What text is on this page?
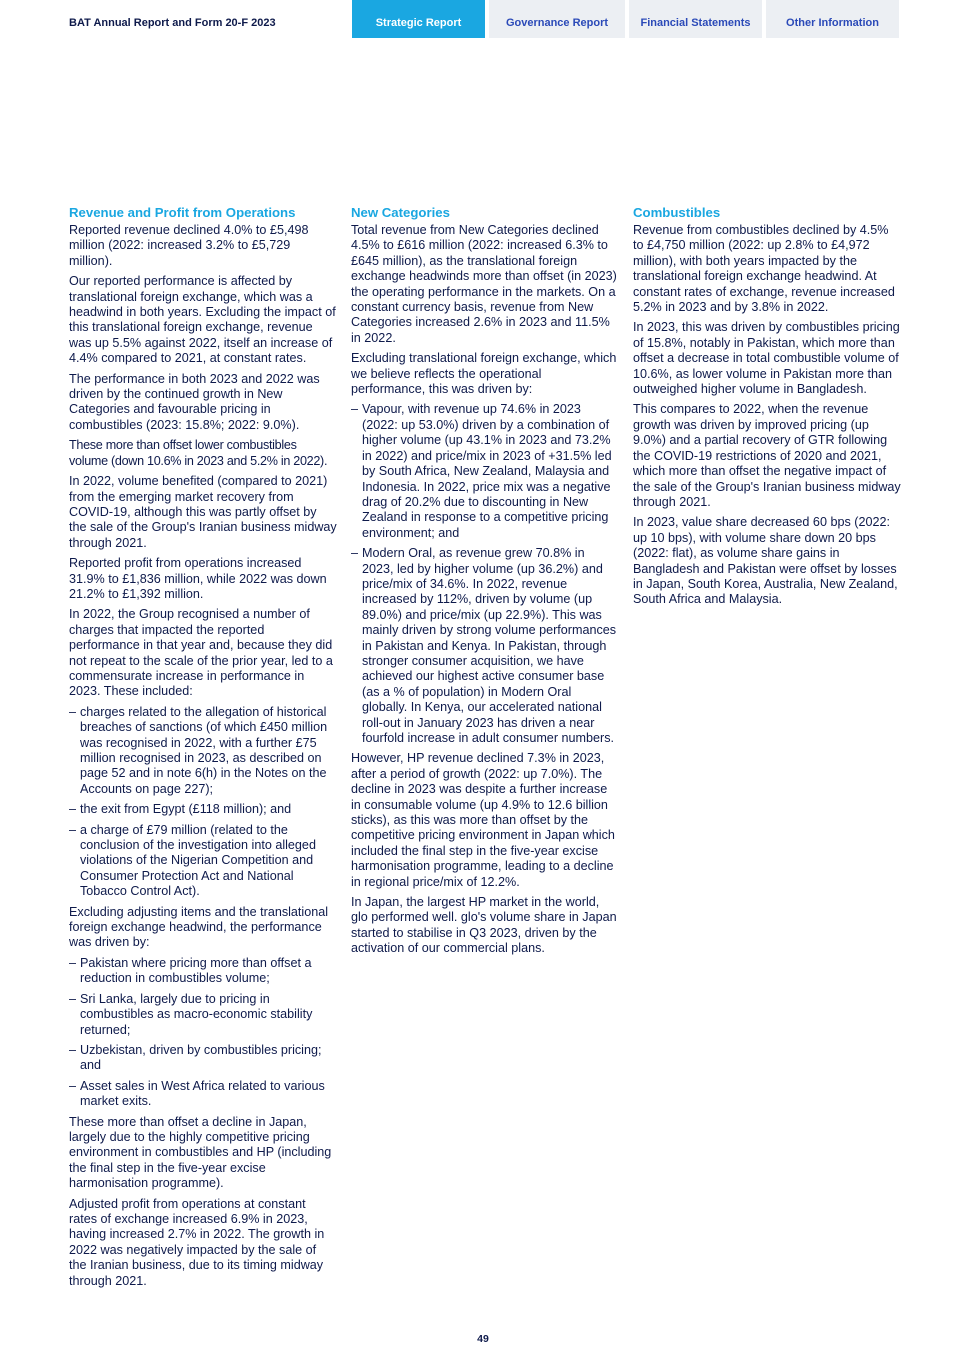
BAT Annual Report and Form 20-F 2023	Strategic Report	Governance Report	Financial Statements	Other Information
Revenue and Profit from Operations

Reported revenue declined 4.0% to £5,498 million (2022: increased 3.2% to £5,729 million).

Our reported performance is affected by translational foreign exchange, which was a headwind in both years. Excluding the impact of this translational foreign exchange, revenue was up 5.5% against 2022, itself an increase of 4.4% compared to 2021, at constant rates.

The performance in both 2023 and 2022 was driven by the continued growth in New Categories and favourable pricing in combustibles (2023: 15.8%; 2022: 9.0%).

These more than offset lower combustibles volume (down 10.6% in 2023 and 5.2% in 2022).

In 2022, volume benefited (compared to 2021) from the emerging market recovery from COVID-19, although this was partly offset by the sale of the Group's Iranian business midway through 2021.

Reported profit from operations increased 31.9% to £1,836 million, while 2022 was down 21.2% to £1,392 million.

In 2022, the Group recognised a number of charges that impacted the reported performance in that year and, because they did not repeat to the scale of the prior year, led to a commensurate increase in performance in 2023. These included:

– charges related to the allegation of historical breaches of sanctions (of which £450 million was recognised in 2022, with a further £75 million recognised in 2023, as described on page 52 and in note 6(h) in the Notes on the Accounts on page 227);
– the exit from Egypt (£118 million); and
– a charge of £79 million (related to the conclusion of the investigation into alleged violations of the Nigerian Competition and Consumer Protection Act and National Tobacco Control Act).

Excluding adjusting items and the translational foreign exchange headwind, the performance was driven by:

– Pakistan where pricing more than offset a reduction in combustibles volume;
– Sri Lanka, largely due to pricing in combustibles as macro-economic stability returned;
– Uzbekistan, driven by combustibles pricing; and
– Asset sales in West Africa related to various market exits.

These more than offset a decline in Japan, largely due to the highly competitive pricing environment in combustibles and HP (including the final step in the five-year excise harmonisation programme).

Adjusted profit from operations at constant rates of exchange increased 6.9% in 2023, having increased 2.7% in 2022. The growth in 2022 was negatively impacted by the sale of the Iranian business, due to its timing midway through 2021.

New Categories

Total revenue from New Categories declined 4.5% to £616 million (2022: increased 6.3% to £645 million), as the translational foreign exchange headwinds more than offset (in 2023) the operating performance in the markets. On a constant currency basis, revenue from New Categories increased 2.6% in 2023 and 11.5% in 2022.

Excluding translational foreign exchange, which we believe reflects the operational performance, this was driven by:

– Vapour, with revenue up 74.6% in 2023 (2022: up 53.0%) driven by a combination of higher volume (up 43.1% in 2023 and 73.2% in 2022) and price/mix in 2023 of +31.5% led by South Africa, New Zealand, Malaysia and Indonesia. In 2022, price mix was a negative drag of 20.2% due to discounting in New Zealand in response to a competitive pricing environment; and
– Modern Oral, as revenue grew 70.8% in 2023, led by higher volume (up 36.2%) and price/mix of 34.6%. In 2022, revenue increased by 112%, driven by volume (up 89.0%) and price/mix (up 22.9%). This was mainly driven by strong volume performances in Pakistan and Kenya. In Pakistan, through stronger consumer acquisition, we have achieved our highest active consumer base (as a % of population) in Modern Oral globally. In Kenya, our accelerated national roll-out in January 2023 has driven a near fourfold increase in adult consumer numbers.

However, HP revenue declined 7.3% in 2023, after a period of growth (2022: up 7.0%). The decline in 2023 was despite a further increase in consumable volume (up 4.9% to 12.6 billion sticks), as this was more than offset by the competitive pricing environment in Japan which included the final step in the five-year excise harmonisation programme, leading to a decline in regional price/mix of 12.2%.

In Japan, the largest HP market in the world, glo performed well. glo's volume share in Japan started to stabilise in Q3 2023, driven by the activation of our commercial plans.

Combustibles

Revenue from combustibles declined by 4.5% to £4,750 million (2022: up 2.8% to £4,972 million), with both years impacted by the translational foreign exchange headwind. At constant rates of exchange, revenue increased 5.2% in 2023 and by 3.8% in 2022.

In 2023, this was driven by combustibles pricing of 15.8%, notably in Pakistan, which more than offset a decrease in total combustible volume of 10.6%, as lower volume in Pakistan more than outweighed higher volume in Bangladesh.

This compares to 2022, when the revenue growth was driven by improved pricing (up 9.0%) and a partial recovery of GTR following the COVID-19 restrictions of 2020 and 2021, which more than offset the negative impact of the sale of the Group's Iranian business midway through 2021.

In 2023, value share decreased 60 bps (2022: up 10 bps), with volume share down 20 bps (2022: flat), as volume share gains in Bangladesh and Pakistan were offset by losses in Japan, South Korea, Australia, New Zealand, South Africa and Malaysia.

49
